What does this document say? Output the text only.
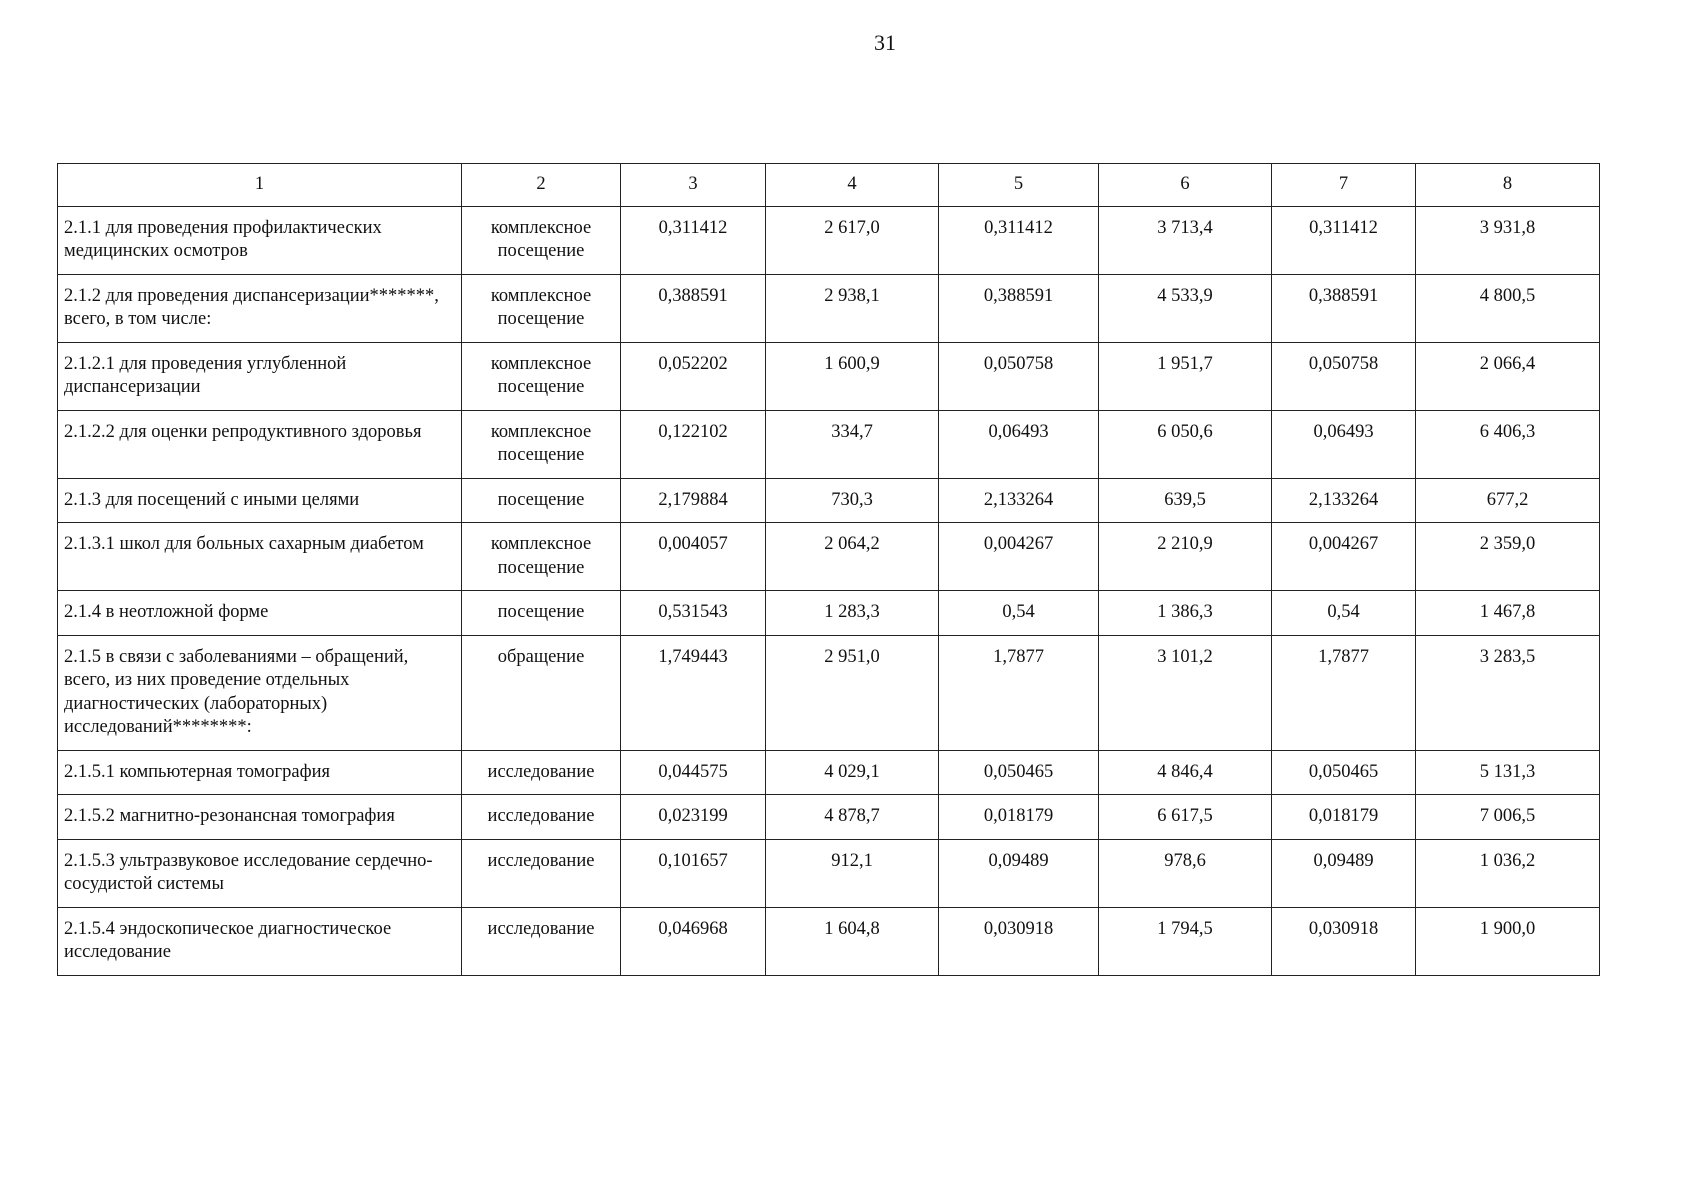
31
1	2	3	4	5	6	7	8
2.1.1 для проведения профилактических медицинских осмотров	комплексное посещение	0,311412	2 617,0	0,311412	3 713,4	0,311412	3 931,8
2.1.2 для проведения диспансеризации*******, всего, в том числе:	комплексное посещение	0,388591	2 938,1	0,388591	4 533,9	0,388591	4 800,5
2.1.2.1 для проведения углубленной диспансеризации	комплексное посещение	0,052202	1 600,9	0,050758	1 951,7	0,050758	2 066,4
2.1.2.2 для оценки репродуктивного здоровья	комплексное посещение	0,122102	334,7	0,06493	6 050,6	0,06493	6 406,3
2.1.3 для посещений с иными целями	посещение	2,179884	730,3	2,133264	639,5	2,133264	677,2
2.1.3.1 школ для больных сахарным диабетом	комплексное посещение	0,004057	2 064,2	0,004267	2 210,9	0,004267	2 359,0
2.1.4 в неотложной форме	посещение	0,531543	1 283,3	0,54	1 386,3	0,54	1 467,8
2.1.5 в связи с заболеваниями – обращений, всего, из них проведение отдельных диагностических (лабораторных) исследований********:	обращение	1,749443	2 951,0	1,7877	3 101,2	1,7877	3 283,5
2.1.5.1 компьютерная томография	исследование	0,044575	4 029,1	0,050465	4 846,4	0,050465	5 131,3
2.1.5.2 магнитно-резонансная томография	исследование	0,023199	4 878,7	0,018179	6 617,5	0,018179	7 006,5
2.1.5.3 ультразвуковое исследование сердечно-сосудистой системы	исследование	0,101657	912,1	0,09489	978,6	0,09489	1 036,2
2.1.5.4 эндоскопическое диагностическое исследование	исследование	0,046968	1 604,8	0,030918	1 794,5	0,030918	1 900,0
